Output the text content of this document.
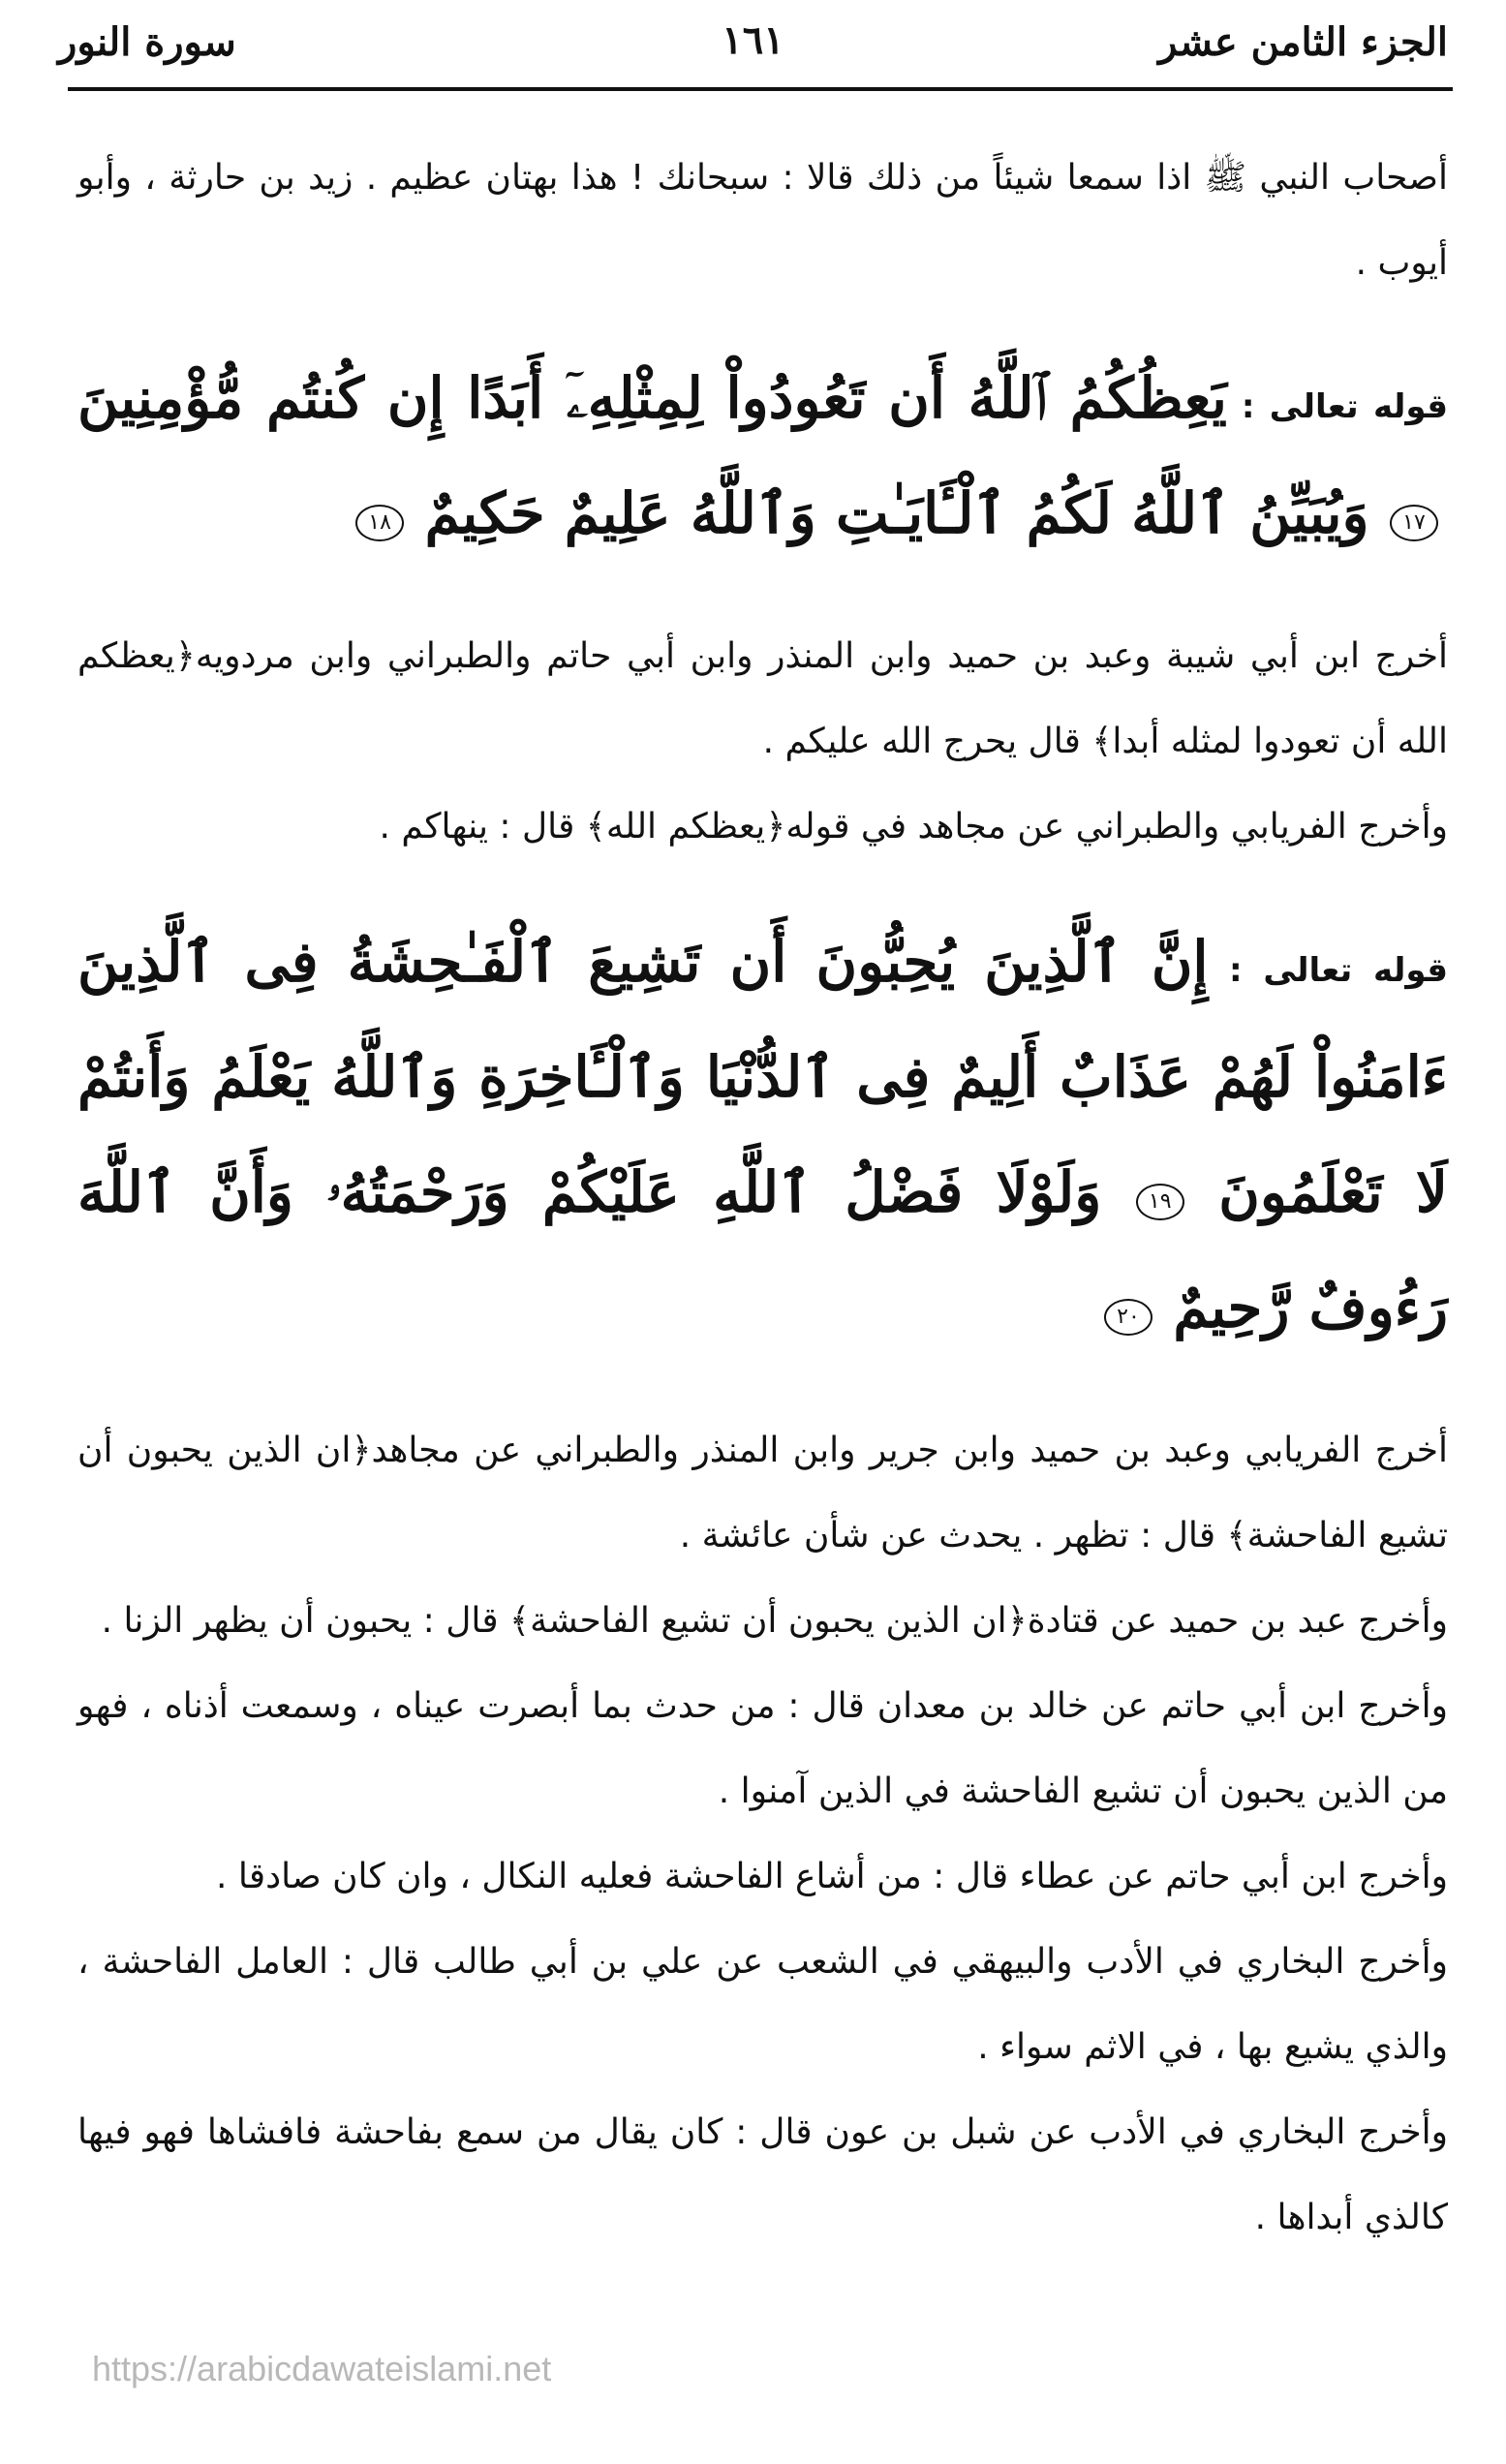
الجزء الثامن عشر
١٦١
سورة النور

أصحاب النبي ﷺ اذا سمعا شيئاً من ذلك قالا : سبحانك ! هذا بهتان عظيم . زيد بن حارثة ، وأبو أيوب .

قوله تعالى : يَعِظُكُمُ ٱللَّهُ أَن تَعُودُواْ لِمِثْلِهِۦٓ أَبَدًا إِن كُنتُم مُّؤْمِنِينَ ١٧ وَيُبَيِّنُ ٱللَّهُ لَكُمُ ٱلْـَٔايَـٰتِ وَٱللَّهُ عَلِيمٌ حَكِيمٌ ١٨

أخرج ابن أبي شيبة وعبد بن حميد وابن المنذر وابن أبي حاتم والطبراني وابن مردويه﴿يعظكم الله أن تعودوا لمثله أبدا﴾ قال يحرج الله عليكم .

وأخرج الفريابي والطبراني عن مجاهد في قوله﴿يعظكم الله﴾ قال : ينهاكم .

قوله تعالى : إِنَّ ٱلَّذِينَ يُحِبُّونَ أَن تَشِيعَ ٱلْفَـٰحِشَةُ فِى ٱلَّذِينَ ءَامَنُواْ لَهُمْ عَذَابٌ أَلِيمٌ فِى ٱلدُّنْيَا وَٱلْـَٔاخِرَةِ وَٱللَّهُ يَعْلَمُ وَأَنتُمْ لَا تَعْلَمُونَ ١٩ وَلَوْلَا فَضْلُ ٱللَّهِ عَلَيْكُمْ وَرَحْمَتُهُۥ وَأَنَّ ٱللَّهَ رَءُوفٌ رَّحِيمٌ ٢٠

أخرج الفريابي وعبد بن حميد وابن جرير وابن المنذر والطبراني عن مجاهد﴿ان الذين يحبون أن تشيع الفاحشة﴾ قال : تظهر . يحدث عن شأن عائشة .

وأخرج عبد بن حميد عن قتادة﴿ان الذين يحبون أن تشيع الفاحشة﴾ قال : يحبون أن يظهر الزنا .

وأخرج ابن أبي حاتم عن خالد بن معدان قال : من حدث بما أبصرت عيناه ، وسمعت أذناه ، فهو من الذين يحبون أن تشيع الفاحشة في الذين آمنوا .

وأخرج ابن أبي حاتم عن عطاء قال : من أشاع الفاحشة فعليه النكال ، وان كان صادقا .

وأخرج البخاري في الأدب والبيهقي في الشعب عن علي بن أبي طالب قال : العامل الفاحشة ، والذي يشيع بها ، في الاثم سواء .

وأخرج البخاري في الأدب عن شبل بن عون قال : كان يقال من سمع بفاحشة فافشاها فهو فيها كالذي أبداها .

https://arabicdawateislami.net
